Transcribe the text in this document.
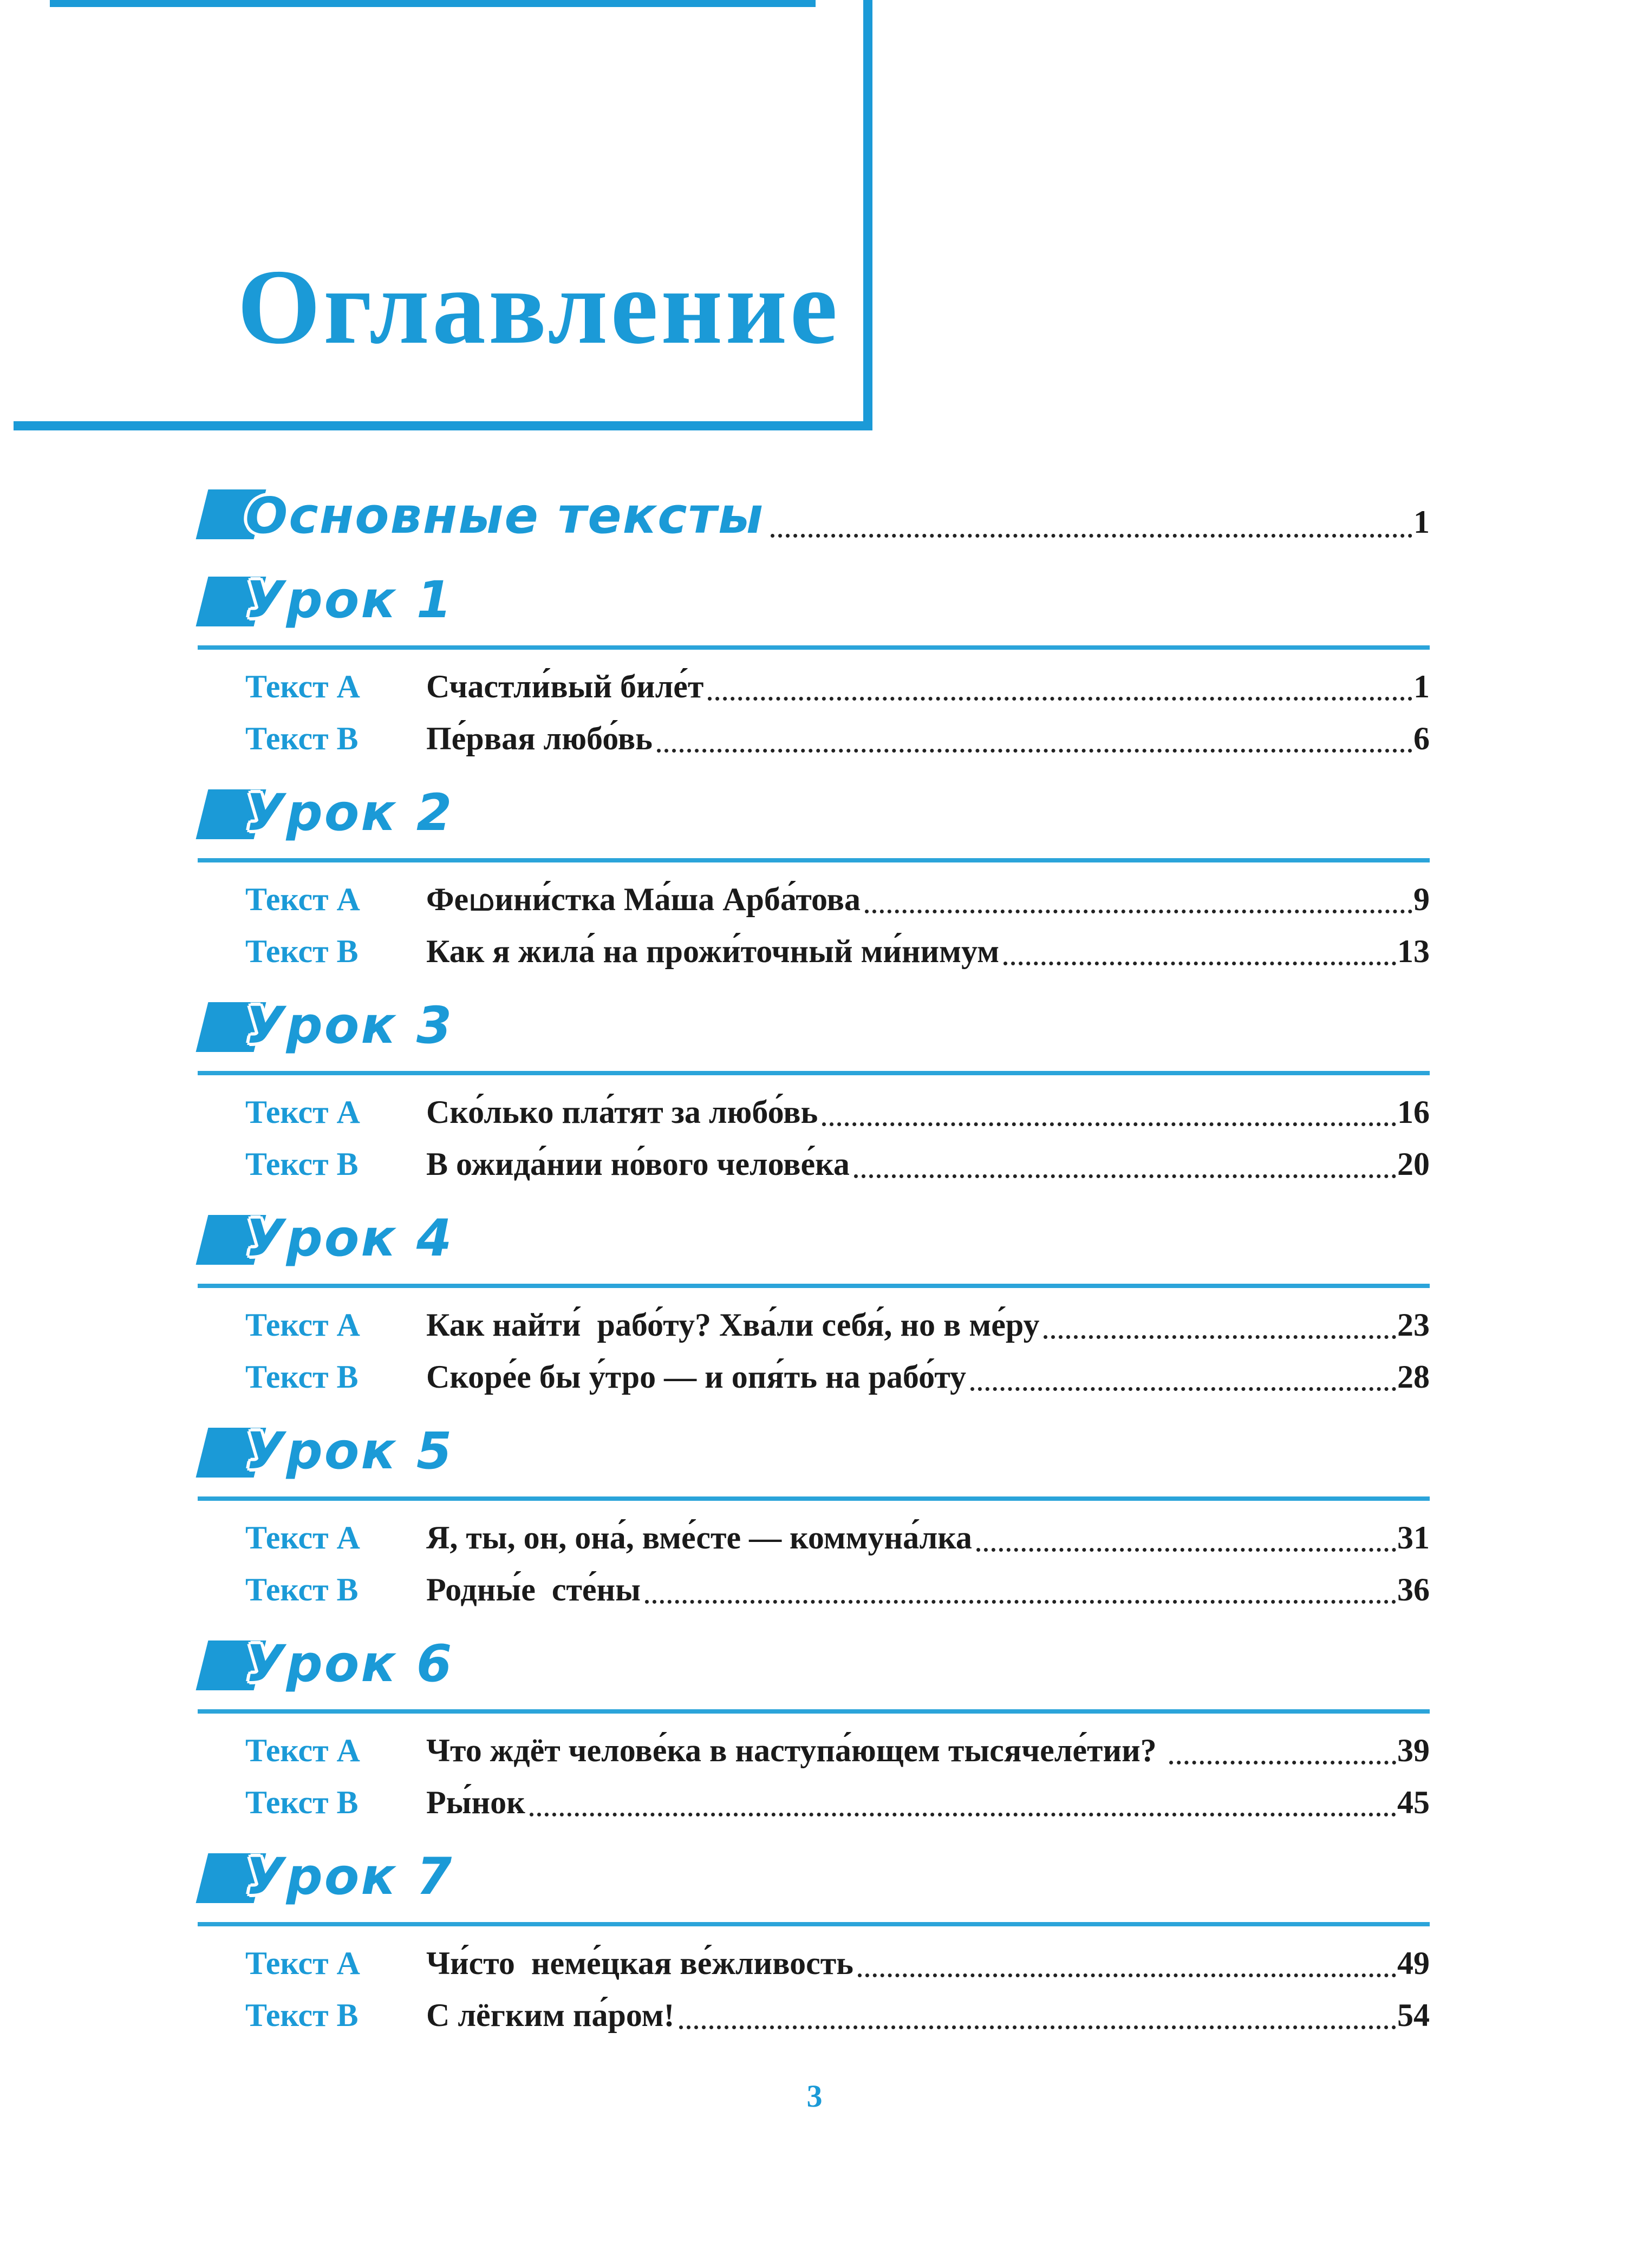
Оглавление
Основные тексты	1
Урок 1
Текст А	Счастли́вый биле́т	1
Текст В	Пе́рвая любо́вь	6
Урок 2
Текст А	Феமини́стка Ма́ша Арба́това	9
Текст В	Как я жила́ на прожи́точный ми́нимум	13
Урок 3
Текст А	Ско́лько пла́тят за любо́вь	16
Текст В	В ожида́нии но́вого челове́ка	20
Урок 4
Текст А	Как найти́  рабо́ту? Хва́ли себя́, но в ме́ру	23
Текст В	Скоре́е бы у́тро — и опя́ть на рабо́ту	28
Урок 5
Текст А	Я, ты, он, она́, вме́сте — коммуна́лка	31
Текст В	Родны́е  сте́ны	36
Урок 6
Текст А	Что ждёт челове́ка в наступа́ющем тысячеле́тии?	39
Текст В	Ры́нок	45
Урок 7
Текст А	Чи́сто  неме́цкая ве́жливость	49
Текст В	С лёгким па́ром!	54
3
